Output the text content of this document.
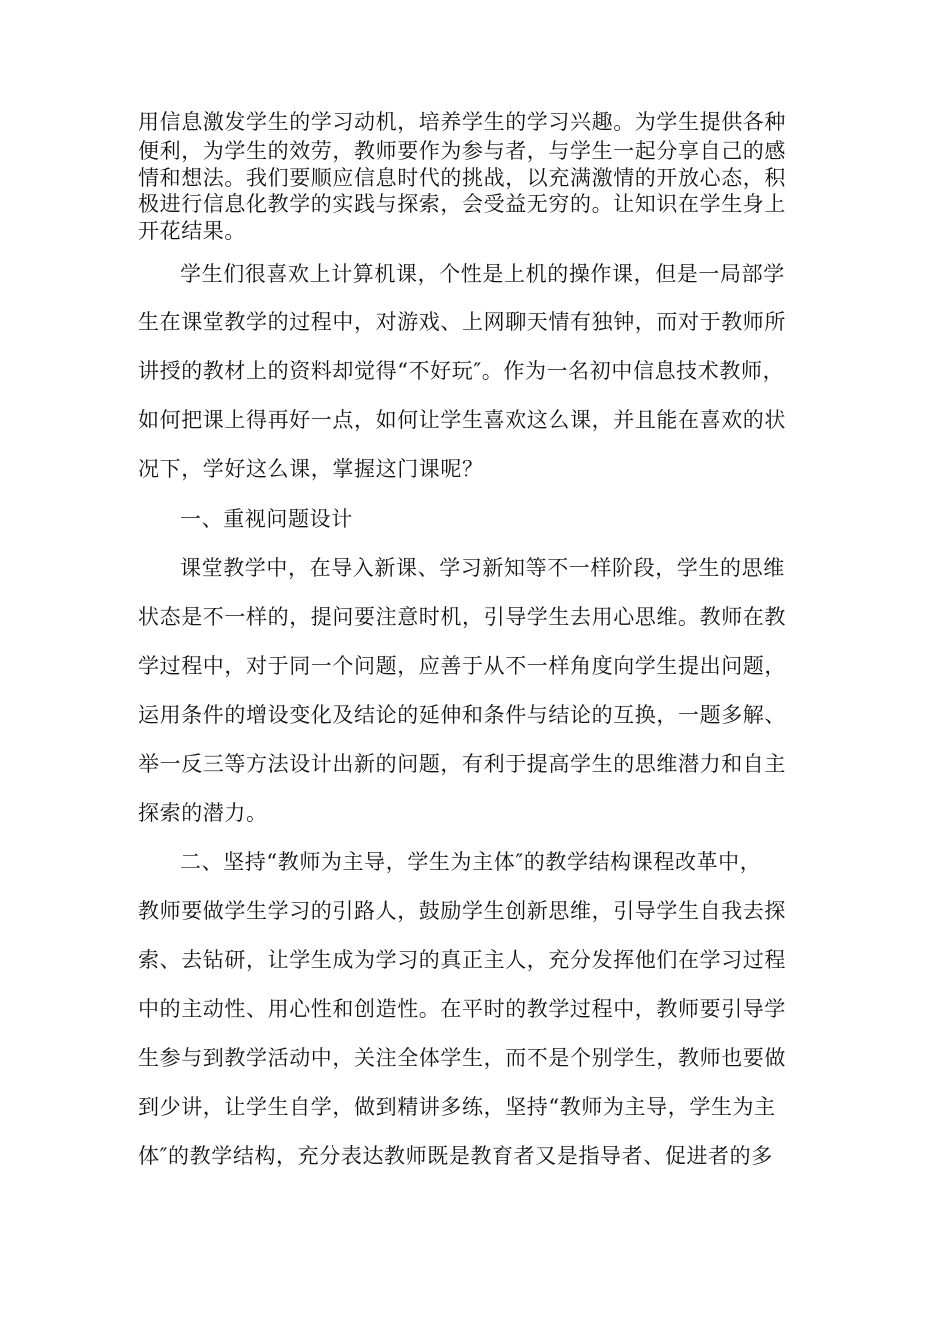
用信息激发学生的学习动机，培养学生的学习兴趣。为学生提供各种
便利，为学生的效劳，教师要作为参与者，与学生一起分享自己的感
情和想法。我们要顺应信息时代的挑战，以充满激情的开放心态，积
极进行信息化教学的实践与探索，会受益无穷的。让知识在学生身上
开花结果。
学生们很喜欢上计算机课，个性是上机的操作课，但是一局部学
生在课堂教学的过程中，对游戏、上网聊天情有独钟，而对于教师所
讲授的教材上的资料却觉得“不好玩″。作为一名初中信息技术教师，
如何把课上得再好一点，如何让学生喜欢这么课，并且能在喜欢的状
况下，学好这么课，掌握这门课呢？
一、重视问题设计
课堂教学中，在导入新课、学习新知等不一样阶段，学生的思维
状态是不一样的，提问要注意时机，引导学生去用心思维。教师在教
学过程中，对于同一个问题，应善于从不一样角度向学生提出问题，
运用条件的增设变化及结论的延伸和条件与结论的互换，一题多解、
举一反三等方法设计出新的问题，有利于提高学生的思维潜力和自主
探索的潜力。
二、坚持“教师为主导，学生为主体″的教学结构课程改革中，
教师要做学生学习的引路人，鼓励学生创新思维，引导学生自我去探
索、去钻研，让学生成为学习的真正主人，充分发挥他们在学习过程
中的主动性、用心性和创造性。在平时的教学过程中，教师要引导学
生参与到教学活动中，关注全体学生，而不是个别学生，教师也要做
到少讲，让学生自学，做到精讲多练，坚持“教师为主导，学生为主
体″的教学结构，充分表达教师既是教育者又是指导者、促进者的多
